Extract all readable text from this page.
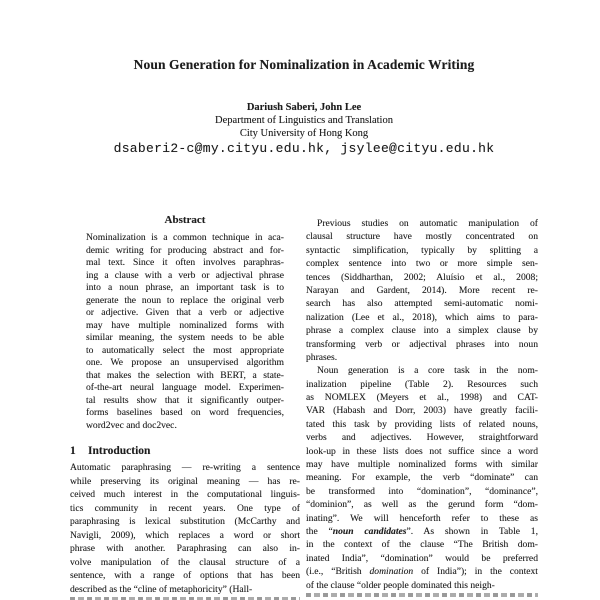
Noun Generation for Nominalization in Academic Writing
Dariush Saberi, John Lee
Department of Linguistics and Translation
City University of Hong Kong
dsaberi2-c@my.cityu.edu.hk, jsylee@cityu.edu.hk
Abstract
Nominalization is a common technique in aca-
demic writing for producing abstract and for-
mal text. Since it often involves paraphras-
ing a clause with a verb or adjectival phrase
into a noun phrase, an important task is to
generate the noun to replace the original verb
or adjective. Given that a verb or adjective
may have multiple nominalized forms with
similar meaning, the system needs to be able
to automatically select the most appropriate
one. We propose an unsupervised algorithm
that makes the selection with BERT, a state-
of-the-art neural language model. Experimen-
tal results show that it significantly outper-
forms baselines based on word frequencies,
word2vec and doc2vec.
1 Introduction
Automatic paraphrasing — re-writing a sentence
while preserving its original meaning — has re-
ceived much interest in the computational linguis-
tics community in recent years. One type of
paraphrasing is lexical substitution (McCarthy and
Navigli, 2009), which replaces a word or short
phrase with another. Paraphrasing can also in-
volve manipulation of the clausal structure of a
sentence, with a range of options that has been
described as the “cline of metaphoricity” (Hall-
Previous studies on automatic manipulation of
clausal structure have mostly concentrated on
syntactic simplification, typically by splitting a
complex sentence into two or more simple sen-
tences (Siddharthan, 2002; Aluísio et al., 2008;
Narayan and Gardent, 2014). More recent re-
search has also attempted semi-automatic nomi-
nalization (Lee et al., 2018), which aims to para-
phrase a complex clause into a simplex clause by
transforming verb or adjectival phrases into noun
phrases.
Noun generation is a core task in the nom-
inalization pipeline (Table 2). Resources such
as NOMLEX (Meyers et al., 1998) and CAT-
VAR (Habash and Dorr, 2003) have greatly facili-
tated this task by providing lists of related nouns,
verbs and adjectives. However, straightforward
look-up in these lists does not suffice since a word
may have multiple nominalized forms with similar
meaning. For example, the verb “dominate” can
be transformed into “domination”, “dominance”,
“dominion”, as well as the gerund form “dom-
inating”. We will henceforth refer to these as
the “noun candidates”. As shown in Table 1,
in the context of the clause “The British dom-
inated India”, “domination” would be preferred
(i.e., “British domination of India”); in the context
of the clause “older people dominated this neigh-
